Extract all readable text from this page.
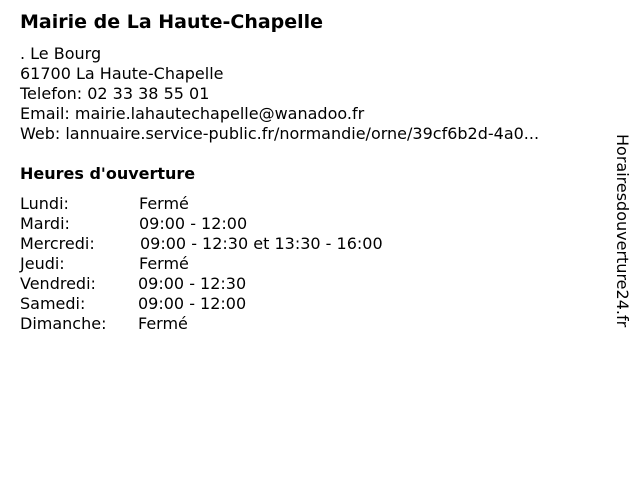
Mairie de La Haute-Chapelle
. Le Bourg
61700 La Haute-Chapelle
Telefon: 02 33 38 55 01
Email: mairie.lahautechapelle@wanadoo.fr
Web: lannuaire.service-public.fr/normandie/orne/39cf6b2d-4a0...
Heures d'ouverture
Lundi:	Fermé
Mardi:	09:00 - 12:00
Mercredi:	09:00 - 12:30 et 13:30 - 16:00
Jeudi:	Fermé
Vendredi:	09:00 - 12:30
Samedi:	09:00 - 12:00
Dimanche: Fermé	Horairesdouverture24.fr
